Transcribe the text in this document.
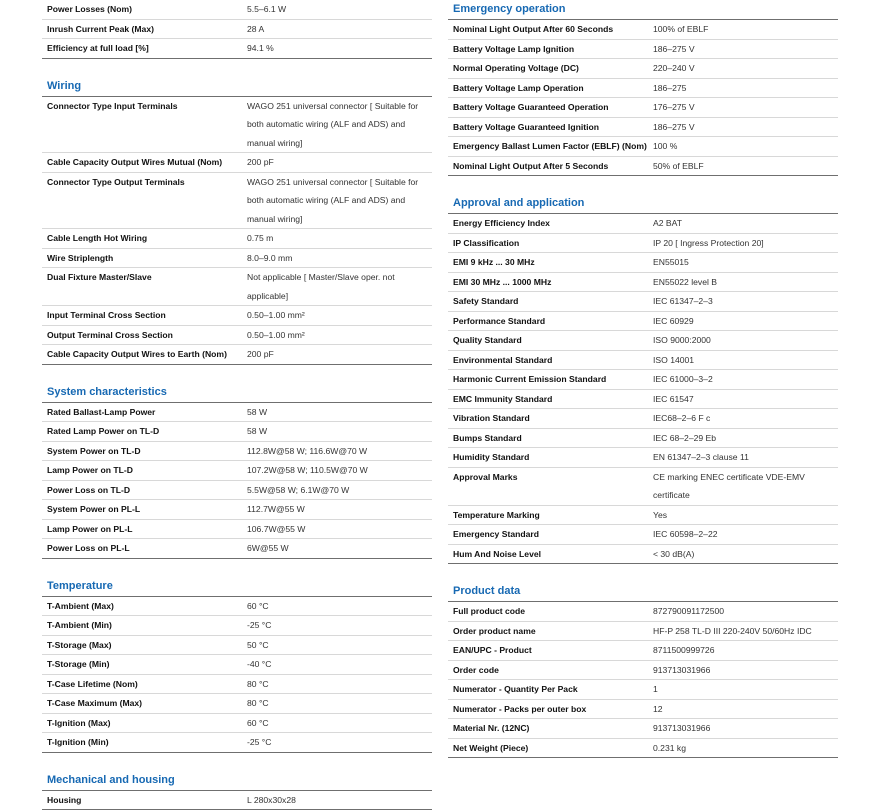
Power Losses (Nom)	5.5–6.1 W
Inrush Current Peak (Max)	28 A
Efficiency at full load [%]	94.1 %
Wiring
Connector Type Input Terminals	WAGO 251 universal connector [ Suitable for both automatic wiring (ALF and ADS) and manual wiring]
Cable Capacity Output Wires Mutual (Nom)	200 pF
Connector Type Output Terminals	WAGO 251 universal connector [ Suitable for both automatic wiring (ALF and ADS) and manual wiring]
Cable Length Hot Wiring	0.75 m
Wire Striplength	8.0–9.0 mm
Dual Fixture Master/Slave	Not applicable [ Master/Slave oper. not applicable]
Input Terminal Cross Section	0.50–1.00 mm²
Output Terminal Cross Section	0.50–1.00 mm²
Cable Capacity Output Wires to Earth (Nom)	200 pF
System characteristics
Rated Ballast-Lamp Power	58 W
Rated Lamp Power on TL-D	58 W
System Power on TL-D	112.8W@58 W; 116.6W@70 W
Lamp Power on TL-D	107.2W@58 W; 110.5W@70 W
Power Loss on TL-D	5.5W@58 W; 6.1W@70 W
System Power on PL-L	112.7W@55 W
Lamp Power on PL-L	106.7W@55 W
Power Loss on PL-L	6W@55 W
Temperature
T-Ambient (Max)	60 °C
T-Ambient (Min)	-25 °C
T-Storage (Max)	50 °C
T-Storage (Min)	-40 °C
T-Case Lifetime (Nom)	80 °C
T-Case Maximum (Max)	80 °C
T-Ignition (Max)	60 °C
T-Ignition (Min)	-25 °C
Mechanical and housing
Housing	L 280x30x28
Emergency operation
Nominal Light Output After 60 Seconds	100% of EBLF
Battery Voltage Lamp Ignition	186–275 V
Normal Operating Voltage (DC)	220–240 V
Battery Voltage Lamp Operation	186–275
Battery Voltage Guaranteed Operation	176–275 V
Battery Voltage Guaranteed Ignition	186–275 V
Emergency Ballast Lumen Factor (EBLF) (Nom) 100 %
Nominal Light Output After 5 Seconds	50% of EBLF
Approval and application
Energy Efficiency Index	A2 BAT
IP Classification	IP 20 [ Ingress Protection 20]
EMI 9 kHz ... 30 MHz	EN55015
EMI 30 MHz ... 1000 MHz	EN55022 level B
Safety Standard	IEC 61347–2–3
Performance Standard	IEC 60929
Quality Standard	ISO 9000:2000
Environmental Standard	ISO 14001
Harmonic Current Emission Standard	IEC 61000–3–2
EMC Immunity Standard	IEC 61547
Vibration Standard	IEC68–2–6 F c
Bumps Standard	IEC 68–2–29 Eb
Humidity Standard	EN 61347–2–3 clause 11
Approval Marks	CE marking ENEC certificate VDE-EMV certificate
Temperature Marking	Yes
Emergency Standard	IEC 60598–2–22
Hum And Noise Level	< 30 dB(A)
Product data
Full product code	872790091172500
Order product name	HF-P 258 TL-D III 220-240V 50/60Hz IDC
EAN/UPC - Product	8711500999726
Order code	913713031966
Numerator - Quantity Per Pack	1
Numerator - Packs per outer box	12
Material Nr. (12NC)	913713031966
Net Weight (Piece)	0.231 kg
